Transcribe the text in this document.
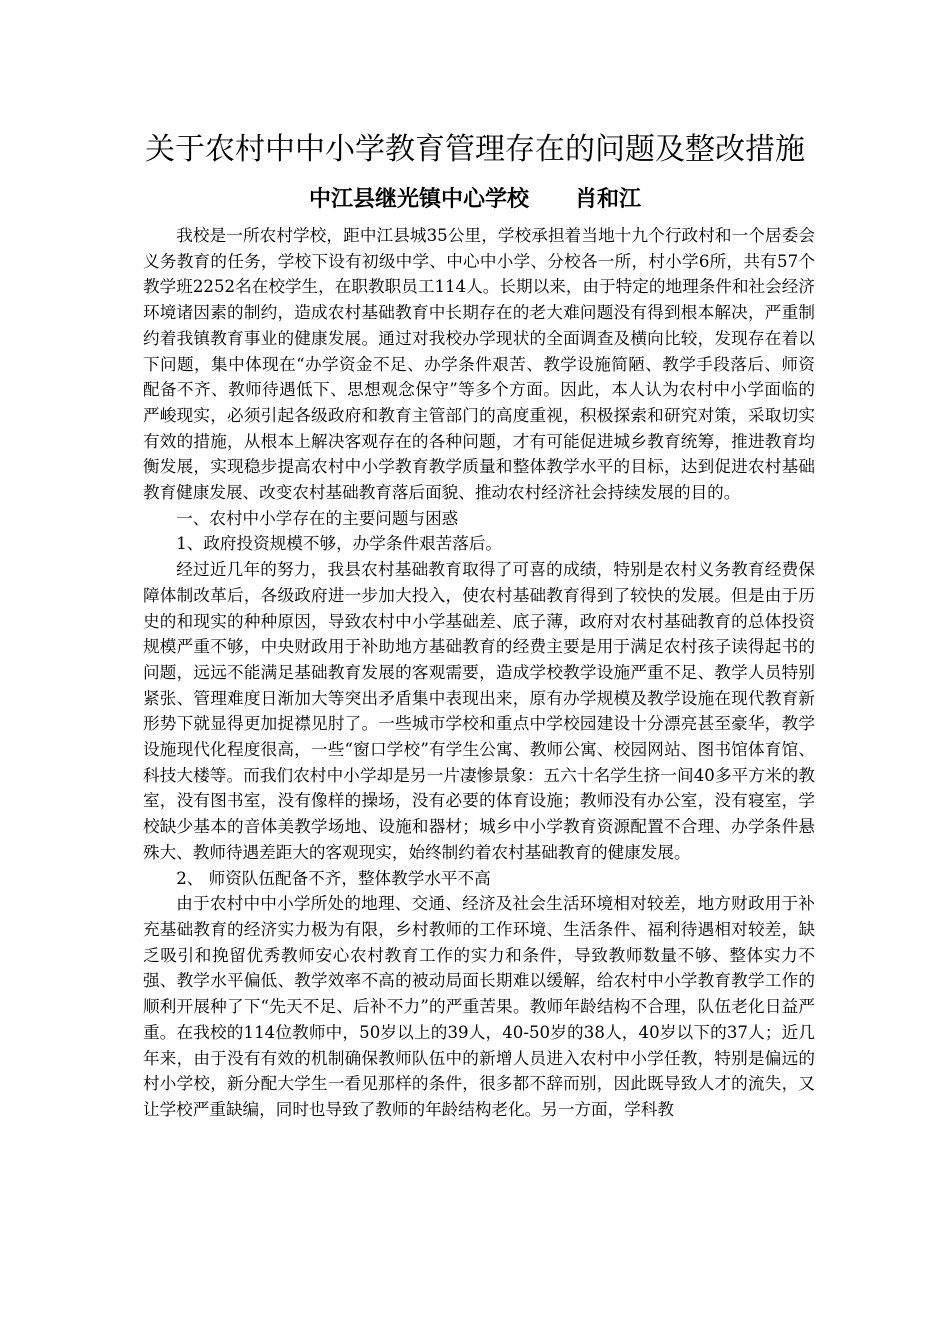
关于农村中中小学教育管理存在的问题及整改措施
中江县继光镇中心学校      肖和江

我校是一所农村学校，距中江县城35公里，学校承担着当地十九个行政村和一个居委会义务教育的任务，学校下设有初级中学、中心中小学、分校各一所，村小学6所，共有57个教学班2252名在校学生，在职教职员工114人。长期以来，由于特定的地理条件和社会经济环境诸因素的制约，造成农村基础教育中长期存在的老大难问题没有得到根本解决，严重制约着我镇教育事业的健康发展。通过对我校办学现状的全面调查及横向比较，发现存在着以下问题，集中体现在“办学资金不足、办学条件艰苦、教学设施简陋、教学手段落后、师资配备不齐、教师待遇低下、思想观念保守”等多个方面。因此，本人认为农村中小学面临的严峻现实，必须引起各级政府和教育主管部门的高度重视，积极探索和研究对策，采取切实有效的措施，从根本上解决客观存在的各种问题，才有可能促进城乡教育统筹，推进教育均衡发展，实现稳步提高农村中小学教育教学质量和整体教学水平的目标，达到促进农村基础教育健康发展、改变农村基础教育落后面貌、推动农村经济社会持续发展的目的。

一、农村中小学存在的主要问题与困惑

1、政府投资规模不够，办学条件艰苦落后。

经过近几年的努力，我县农村基础教育取得了可喜的成绩，特别是农村义务教育经费保障体制改革后，各级政府进一步加大投入，使农村基础教育得到了较快的发展。但是由于历史的和现实的种种原因，导致农村中小学基础差、底子薄，政府对农村基础教育的总体投资规模严重不够，中央财政用于补助地方基础教育的经费主要是用于满足农村孩子读得起书的问题，远远不能满足基础教育发展的客观需要，造成学校教学设施严重不足、教学人员特别紧张、管理难度日渐加大等突出矛盾集中表现出来，原有办学规模及教学设施在现代教育新形势下就显得更加捉襟见肘了。一些城市学校和重点中学校园建设十分漂亮甚至豪华，教学设施现代化程度很高，一些“窗口学校”有学生公寓、教师公寓、校园网站、图书馆体育馆、科技大楼等。而我们农村中小学却是另一片凄惨景象：五六十名学生挤一间40多平方米的教室，没有图书室，没有像样的操场，没有必要的体育设施；教师没有办公室，没有寝室，学校缺少基本的音体美教学场地、设施和器材；城乡中小学教育资源配置不合理、办学条件悬殊大、教师待遇差距大的客观现实，始终制约着农村基础教育的健康发展。

2、 师资队伍配备不齐，整体教学水平不高

由于农村中中小学所处的地理、交通、经济及社会生活环境相对较差，地方财政用于补充基础教育的经济实力极为有限，乡村教师的工作环境、生活条件、福利待遇相对较差，缺乏吸引和挽留优秀教师安心农村教育工作的实力和条件，导致教师数量不够、整体实力不强、教学水平偏低、教学效率不高的被动局面长期难以缓解，给农村中小学教育教学工作的顺利开展种了下“先天不足、后补不力”的严重苦果。教师年龄结构不合理，队伍老化日益严重。在我校的114位教师中，50岁以上的39人，40-50岁的38人，40岁以下的37人；近几年来，由于没有有效的机制确保教师队伍中的新增人员进入农村中小学任教，特别是偏远的村小学校，新分配大学生一看见那样的条件，很多都不辞而别，因此既导致人才的流失，又让学校严重缺编，同时也导致了教师的年龄结构老化。另一方面，学科教
